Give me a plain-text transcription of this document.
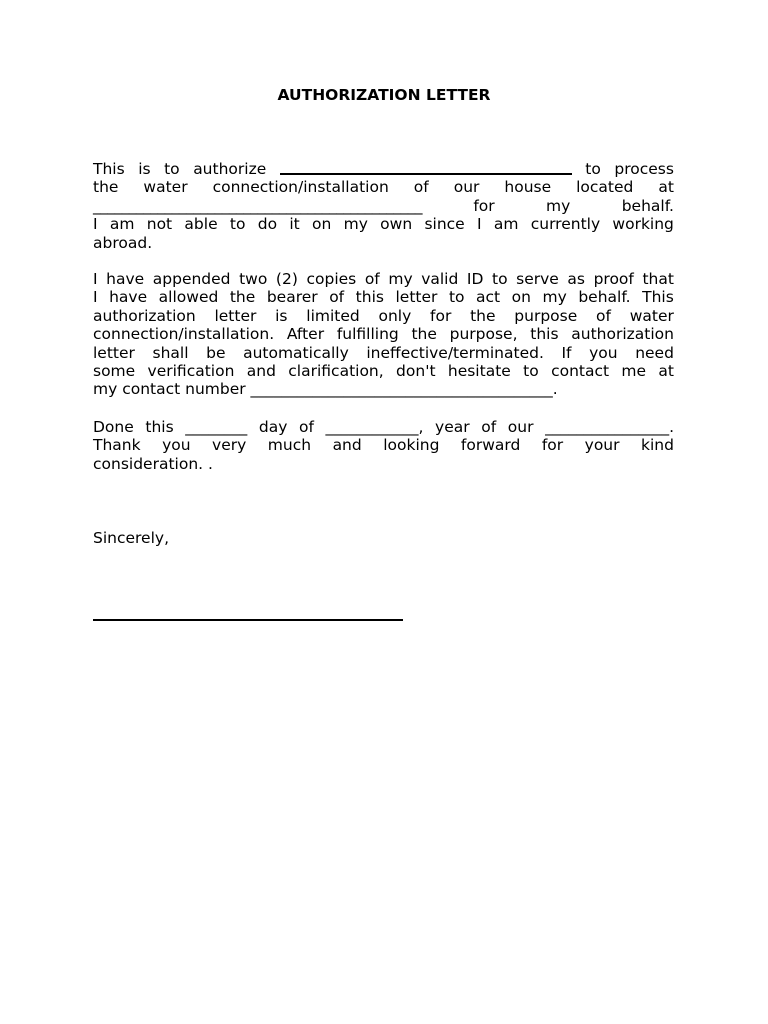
AUTHORIZATION LETTER
This is to authorize	to process
the water connection/installation of our house located at
______________________________________________	for	my	behalf.
I am not able to do it on my own since I am currently working
abroad.
I have appended two (2) copies of my valid ID to serve as proof that
I have allowed the bearer of this letter to act on my behalf. This
authorization letter is limited only for the purpose of water
connection/installation. After fulfilling the purpose, this authorization
letter shall be automatically ineffective/terminated. If you need
some verification and clarification, don't hesitate to contact me at
my contact number _______________________________________.
Done this ________ day of ____________, year of our ________________.
Thank you very much and looking forward for your kind
consideration. .
Sincerely,
